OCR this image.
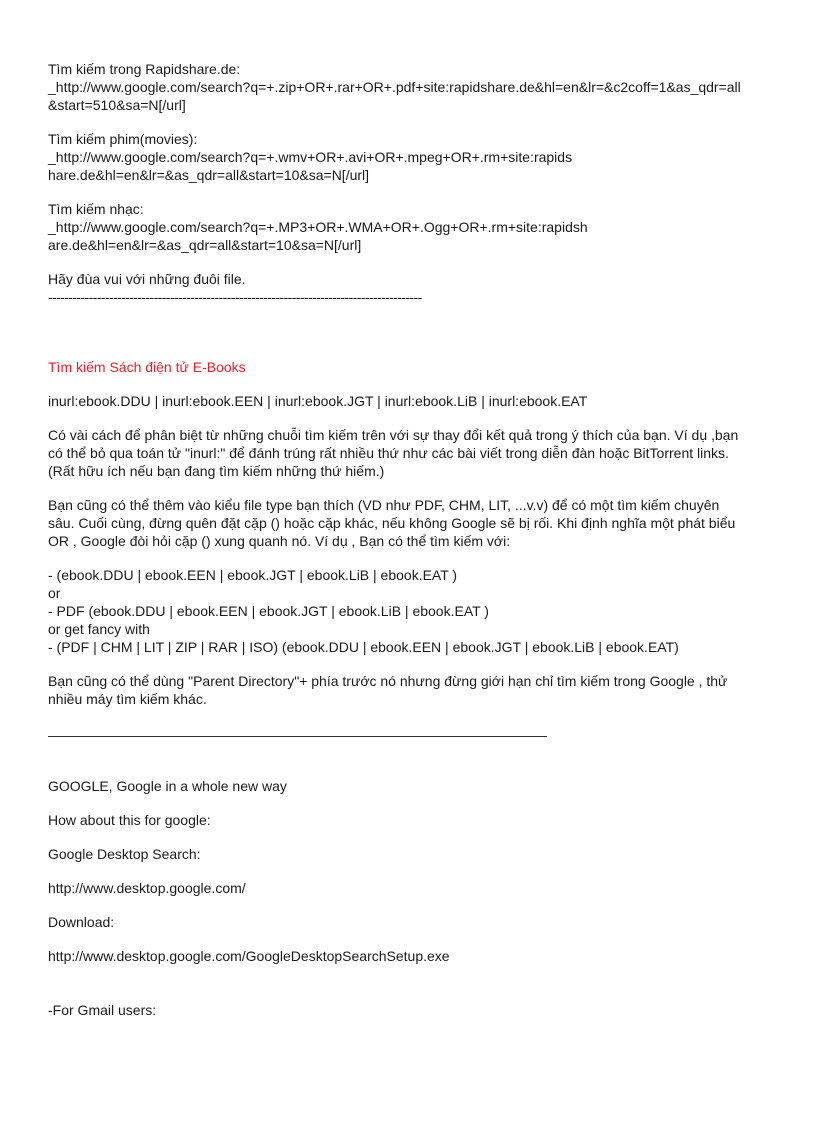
Tìm kiếm trong Rapidshare.de:
_http://www.google.com/search?q=+.zip+OR+.rar+OR+.pdf+site:rapidshare.de&hl=en&lr=&c2coff=1&as_qdr=all
&start=510&sa=N[/url]
Tìm kiếm phim(movies):
_http://www.google.com/search?q=+.wmv+OR+.avi+OR+.mpeg+OR+.rm+site:rapids
hare.de&hl=en&lr=&as_qdr=all&start=10&sa=N[/url]
Tìm kiếm nhạc:
_http://www.google.com/search?q=+.MP3+OR+.WMA+OR+.Ogg+OR+.rm+site:rapidsh
are.de&hl=en&lr=&as_qdr=all&start=10&sa=N[/url]
Hãy đùa vui với những đuôi file.
--------------------------------------------------------------------------------------------
Tìm kiếm Sách điện tử E-Books
inurl:ebook.DDU | inurl:ebook.EEN | inurl:ebook.JGT | inurl:ebook.LiB | inurl:ebook.EAT
Có vài cách để phân biệt từ những chuỗi tìm kiếm trên với sự thay đổi kết quả trong ý thích của bạn. Ví dụ ,bạn
có thể bỏ qua toán tử "inurl:" để đánh trúng rất nhiều thứ như các bài viết trong diễn đàn hoặc BitTorrent links.
(Rất hữu ích nếu bạn đang tìm kiếm những thứ hiếm.)
Bạn cũng có thể thêm vào kiểu file type bạn thích (VD như PDF, CHM, LIT, ...v.v) để có một tìm kiếm chuyên
sâu. Cuối cùng, đừng quên đặt cặp () hoặc cặp khác, nếu không Google sẽ bị rối. Khi định nghĩa một phát biểu
OR , Google đòi hỏi cặp () xung quanh nó. Ví dụ , Bạn có thể tìm kiếm với:
- (ebook.DDU | ebook.EEN | ebook.JGT | ebook.LiB | ebook.EAT )
or
- PDF (ebook.DDU | ebook.EEN | ebook.JGT | ebook.LiB | ebook.EAT )
or get fancy with
- (PDF | CHM | LIT | ZIP | RAR | ISO) (ebook.DDU | ebook.EEN | ebook.JGT | ebook.LiB | ebook.EAT)
Bạn cũng có thể dùng "Parent Directory"+ phía trước nó nhưng đừng giới hạn chỉ tìm kiếm trong Google , thử
nhiều máy tìm kiếm khác.
GOOGLE, Google in a whole new way
How about this for google:
Google Desktop Search:
http://www.desktop.google.com/
Download:
http://www.desktop.google.com/GoogleDesktopSearchSetup.exe
-For Gmail users:
